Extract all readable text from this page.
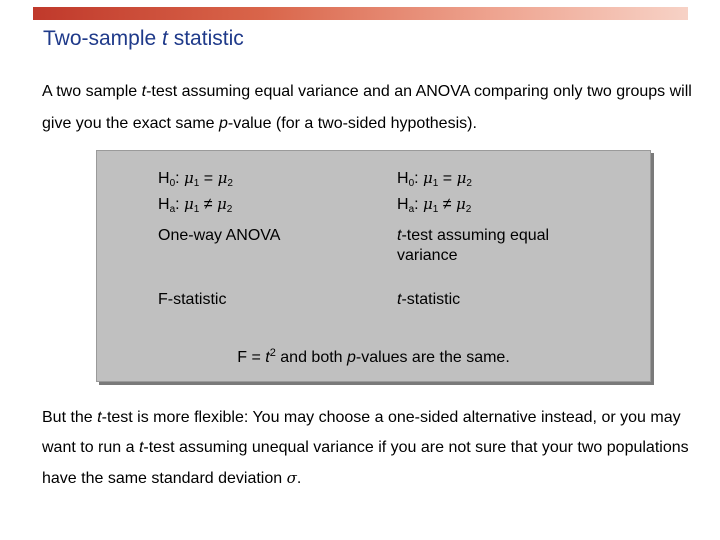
Two-sample t statistic
A two sample t-test assuming equal variance and an ANOVA comparing only two groups will give you the exact same p-value (for a two-sided hypothesis).
$H_0$: $\mu_1 = \mu_2$
$H_a$: $\mu_1 \ne \mu_2$
$H_0$: $\mu_1 = \mu_2$
$H_a$: $\mu_1 \ne \mu_2$
One-way ANOVA	t-test assuming equal variance
F-statistic	t-statistic
$F = t^2$ and both p-values are the same.
But the t-test is more flexible: You may choose a one-sided alternative instead, or you may want to run a t-test assuming unequal variance if you are not sure that your two populations have the same standard deviation σ.
